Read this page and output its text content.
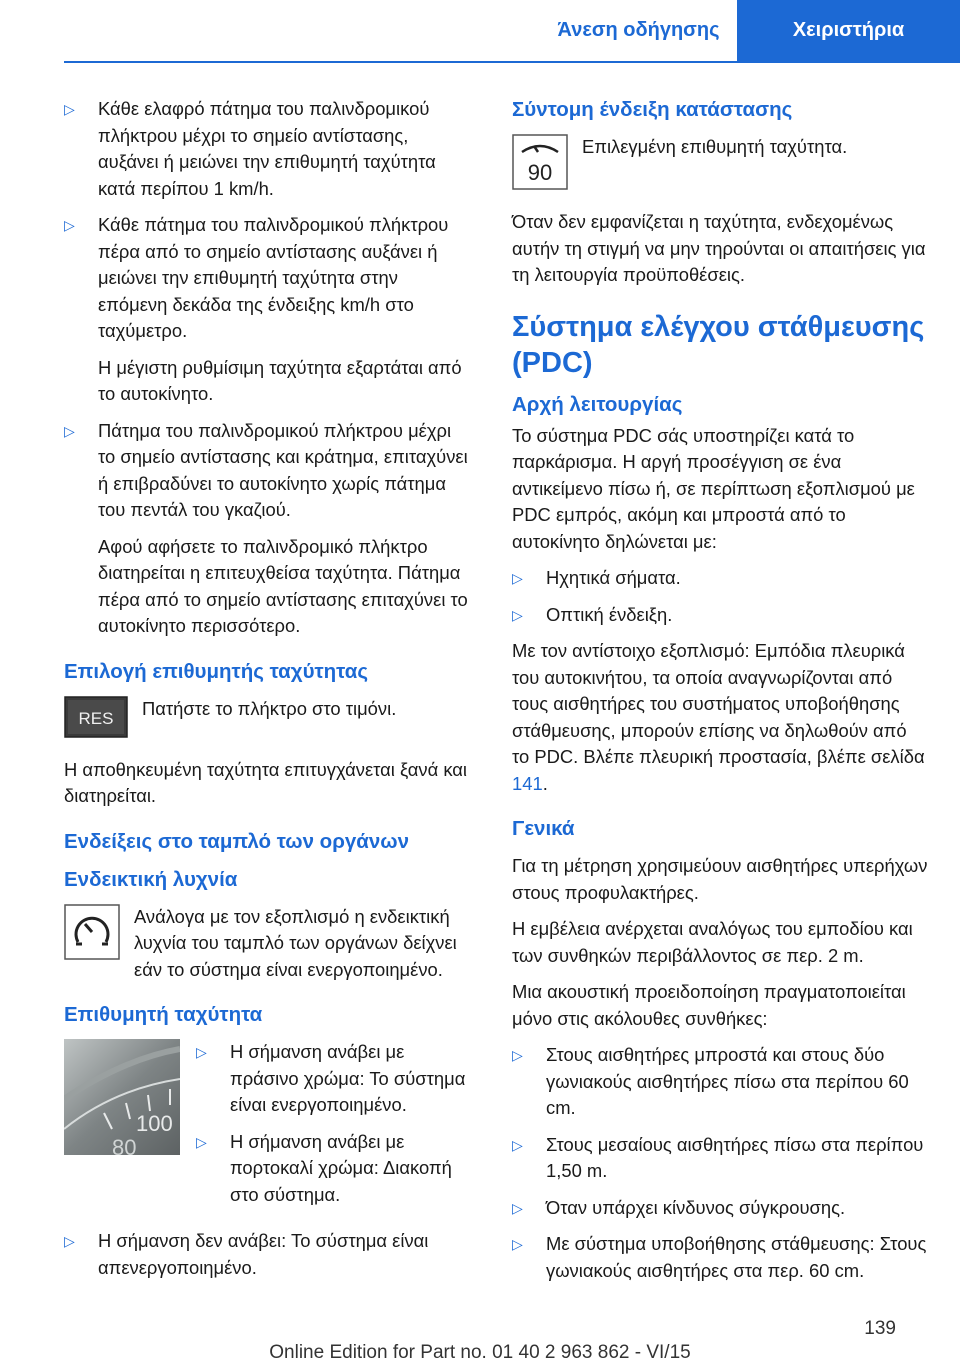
Άνεση οδήγησης	Χειριστήρια
▷	Κάθε ελαφρό πάτημα του παλινδρομικού πλήκτρου μέχρι το σημείο αντίστασης, αυξάνει ή μειώνει την επιθυμητή ταχύτητα κατά περίπου 1 km/h.
▷	Κάθε πάτημα του παλινδρομικού πλήκτρου πέρα από το σημείο αντίστασης αυξάνει ή μειώνει την επιθυμητή ταχύτητα στην επόμενη δεκάδα της ένδειξης km/h στο ταχύμετρο.

Η μέγιστη ρυθμίσιμη ταχύτητα εξαρτάται από το αυτοκίνητο.

▷	Πάτημα του παλινδρομικού πλήκτρου μέχρι το σημείο αντίστασης και κράτημα, επιταχύνει ή επιβραδύνει το αυτοκίνητο χωρίς πάτημα του πεντάλ του γκαζιού.

Αφού αφήσετε το παλινδρομικό πλήκτρο διατηρείται η επιτευχθείσα ταχύτητα. Πάτημα πέρα από το σημείο αντίστασης επιταχύνει το αυτοκίνητο περισσότερο.

Επιλογή επιθυμητής ταχύτητας
RES Πατήστε το πλήκτρο στο τιμόνι.

Η αποθηκευμένη ταχύτητα επιτυγχάνεται ξανά και διατηρείται.

Ενδείξεις στο ταμπλό των οργάνων
Ενδεικτική λυχνία
Ανάλογα με τον εξοπλισμό η ενδεικτική λυχνία του ταμπλό των οργάνων δείχνει εάν το σύστημα είναι ενεργοποιημένο.
Επιθυμητή ταχύτητα
100
80
▷	Η σήμανση ανάβει με πράσινο χρώμα: Το σύστημα είναι ενεργοποιημένο.
▷	Η σήμανση ανάβει με πορτοκαλί χρώμα: Διακοπή στο σύστημα.
▷	Η σήμανση δεν ανάβει: Το σύστημα είναι απενεργοποιημένο.
Σύντομη ένδειξη κατάστασης
90
Επιλεγμένη επιθυμητή ταχύτητα.

Όταν δεν εμφανίζεται η ταχύτητα, ενδεχομένως αυτήν τη στιγμή να μην τηρούνται οι απαιτήσεις για τη λειτουργία προϋποθέσεις.

Σύστημα ελέγχου στάθμευσης (PDC)
Αρχή λειτουργίας

Το σύστημα PDC σάς υποστηρίζει κατά το παρκάρισμα. Η αργή προσέγγιση σε ένα αντικείμενο πίσω ή, σε περίπτωση εξοπλισμού με PDC εμπρός, ακόμη και μπροστά από το αυτοκίνητο δηλώνεται με:

▷	Ηχητικά σήματα.
▷	Οπτική ένδειξη.

Με τον αντίστοιχο εξοπλισμό: Εμπόδια πλευρικά του αυτοκινήτου, τα οποία αναγνωρίζονται από τους αισθητήρες του συστήματος υποβοήθησης στάθμευσης, μπορούν επίσης να δηλωθούν από το PDC. Βλέπε πλευρική προστασία, βλέπε σελίδα 141.

Γενικά

Για τη μέτρηση χρησιμεύουν αισθητήρες υπερήχων στους προφυλακτήρες.

Η εμβέλεια ανέρχεται αναλόγως του εμποδίου και των συνθηκών περιβάλλοντος σε περ. 2 m.

Μια ακουστική προειδοποίηση πραγματοποιείται μόνο στις ακόλουθες συνθήκες:

▷	Στους αισθητήρες μπροστά και στους δύο γωνιακούς αισθητήρες πίσω στα περίπου 60 cm.
▷	Στους μεσαίους αισθητήρες πίσω στα περίπου 1,50 m.
▷	Όταν υπάρχει κίνδυνος σύγκρουσης.
▷	Με σύστημα υποβοήθησης στάθμευσης: Στους γωνιακούς αισθητήρες στα περ. 60 cm.
139
Online Edition for Part no. 01 40 2 963 862 - VI/15
